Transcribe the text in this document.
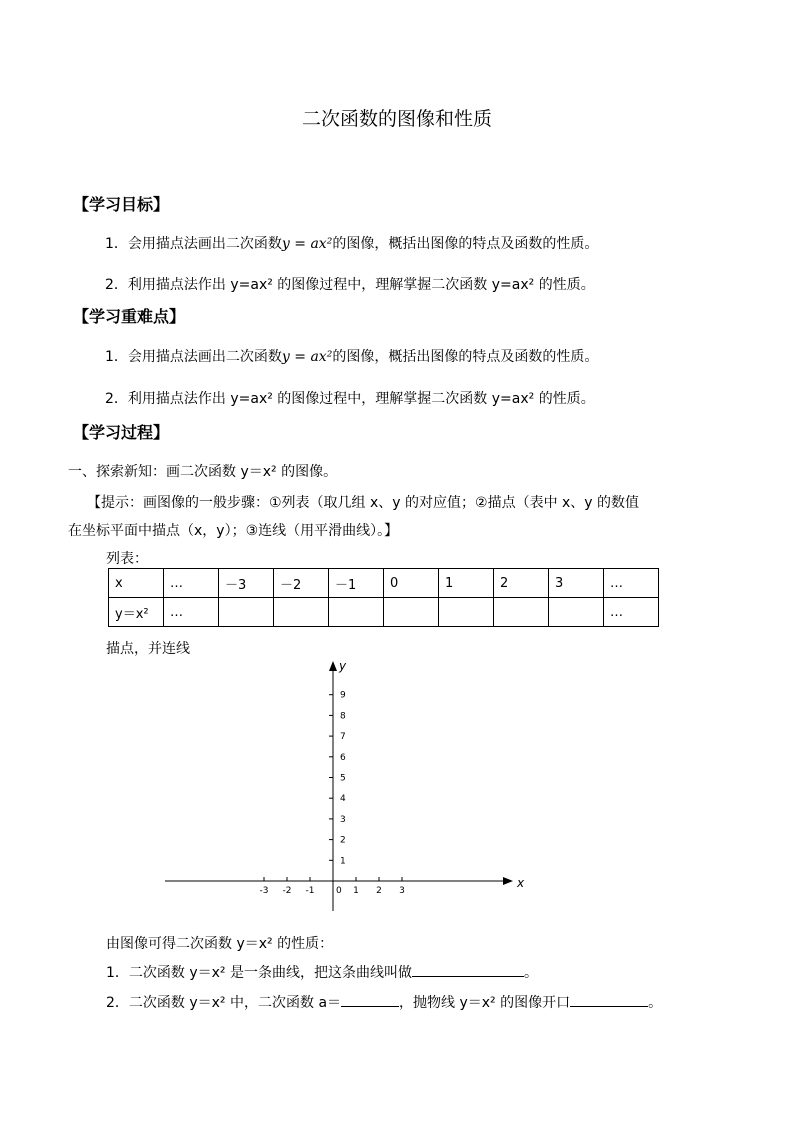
二次函数的图像和性质
【学习目标】
1．会用描点法画出二次函数y = ax²的图像，概括出图像的特点及函数的性质。
2．利用描点法作出 y=ax² 的图像过程中，理解掌握二次函数 y=ax² 的性质。
【学习重难点】
1．会用描点法画出二次函数y = ax²的图像，概括出图像的特点及函数的性质。
2．利用描点法作出 y=ax² 的图像过程中，理解掌握二次函数 y=ax² 的性质。
【学习过程】
一、探索新知：画二次函数 y＝x² 的图像。
【提示：画图像的一般步骤：①列表（取几组 x、y 的对应值；②描点（表中 x、y 的数值
在坐标平面中描点（x，y）；③连线（用平滑曲线）。】
列表：
x	…	－3	－2	－1	0	1	2	3	…
y＝x²	…								…
描点，并连线
x
y
-3 -2 -1 0 1 2 3
1
2
3
4
5
6
7
8
9
由图像可得二次函数 y＝x² 的性质：
1．二次函数 y＝x² 是一条曲线，把这条曲线叫做	。
2．二次函数 y＝x² 中，二次函数 a＝	，抛物线 y＝x² 的图像开口	。
